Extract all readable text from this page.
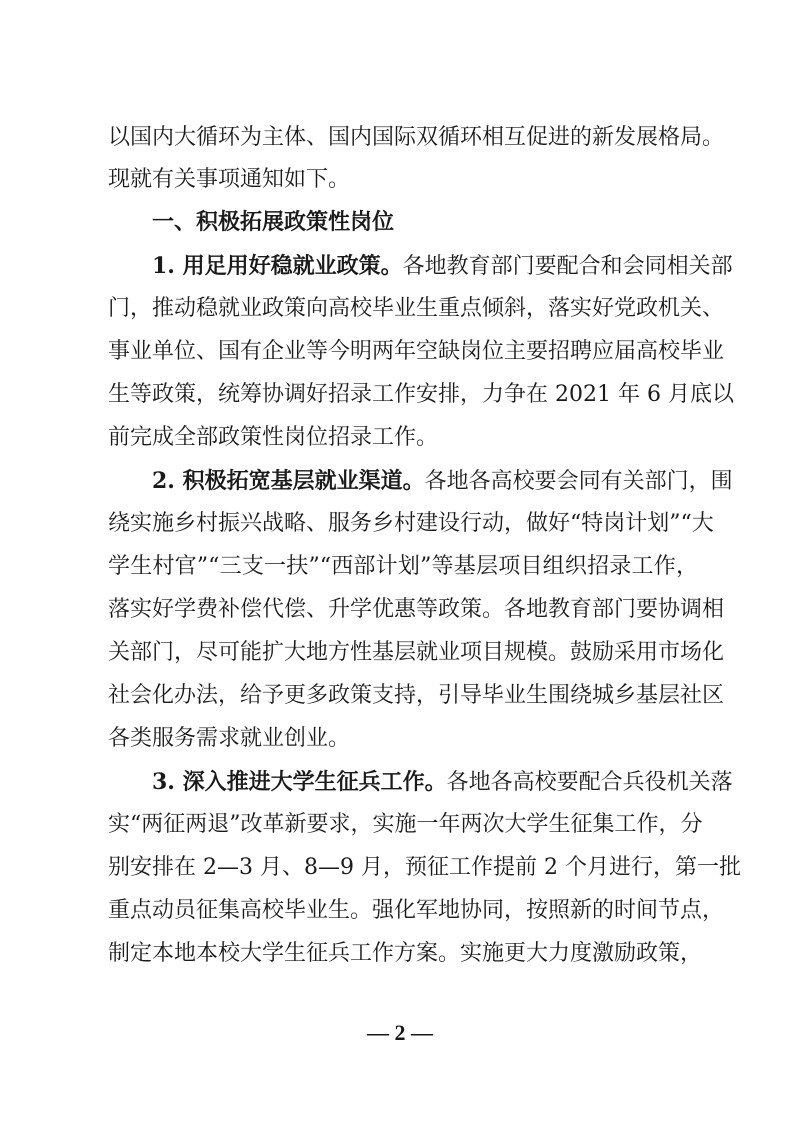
以国内大循环为主体、国内国际双循环相互促进的新发展格局。
现就有关事项通知如下。
一、积极拓展政策性岗位
1. 用足用好稳就业政策。各地教育部门要配合和会同相关部
门，推动稳就业政策向高校毕业生重点倾斜，落实好党政机关、
事业单位、国有企业等今明两年空缺岗位主要招聘应届高校毕业
生等政策，统筹协调好招录工作安排，力争在 2021 年 6 月底以
前完成全部政策性岗位招录工作。
2. 积极拓宽基层就业渠道。各地各高校要会同有关部门，围
绕实施乡村振兴战略、服务乡村建设行动，做好“特岗计划”“大
学生村官”“三支一扶”“西部计划”等基层项目组织招录工作，
落实好学费补偿代偿、升学优惠等政策。各地教育部门要协调相
关部门，尽可能扩大地方性基层就业项目规模。鼓励采用市场化
社会化办法，给予更多政策支持，引导毕业生围绕城乡基层社区
各类服务需求就业创业。
3. 深入推进大学生征兵工作。各地各高校要配合兵役机关落
实“两征两退”改革新要求，实施一年两次大学生征集工作，分
别安排在 2—3 月、8—9 月，预征工作提前 2 个月进行，第一批
重点动员征集高校毕业生。强化军地协同，按照新的时间节点，
制定本地本校大学生征兵工作方案。实施更大力度激励政策，
— 2 —
